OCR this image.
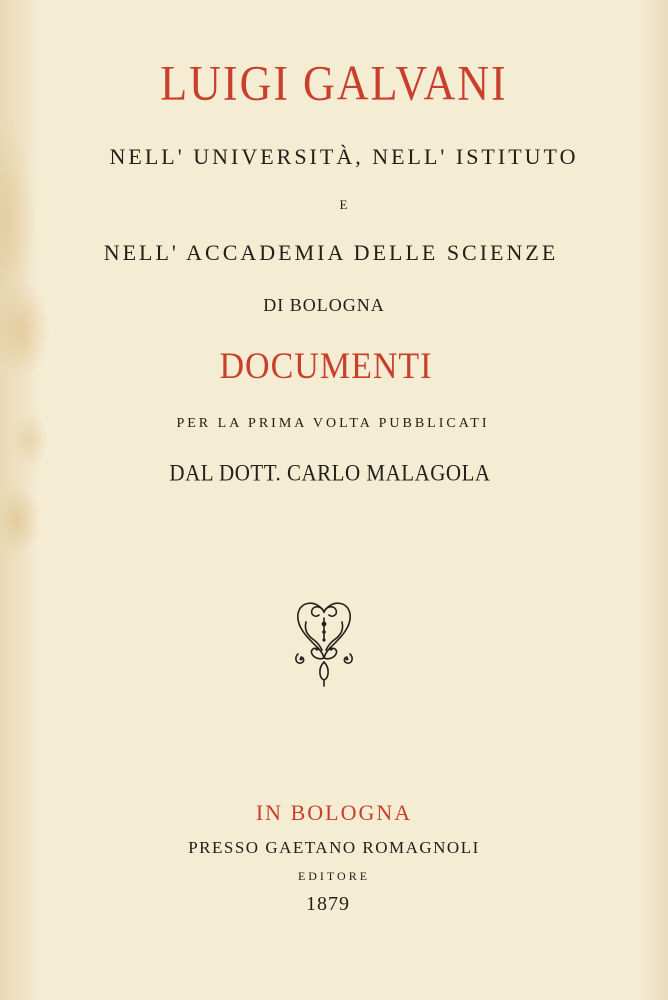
LUIGI GALVANI
NELL' UNIVERSITÀ, NELL' ISTITUTO
E
NELL' ACCADEMIA DELLE SCIENZE
DI BOLOGNA
DOCUMENTI
PER LA PRIMA VOLTA PUBBLICATI
DAL DOTT. CARLO MALAGOLA
IN BOLOGNA
PRESSO GAETANO ROMAGNOLI
EDITORE
1879
